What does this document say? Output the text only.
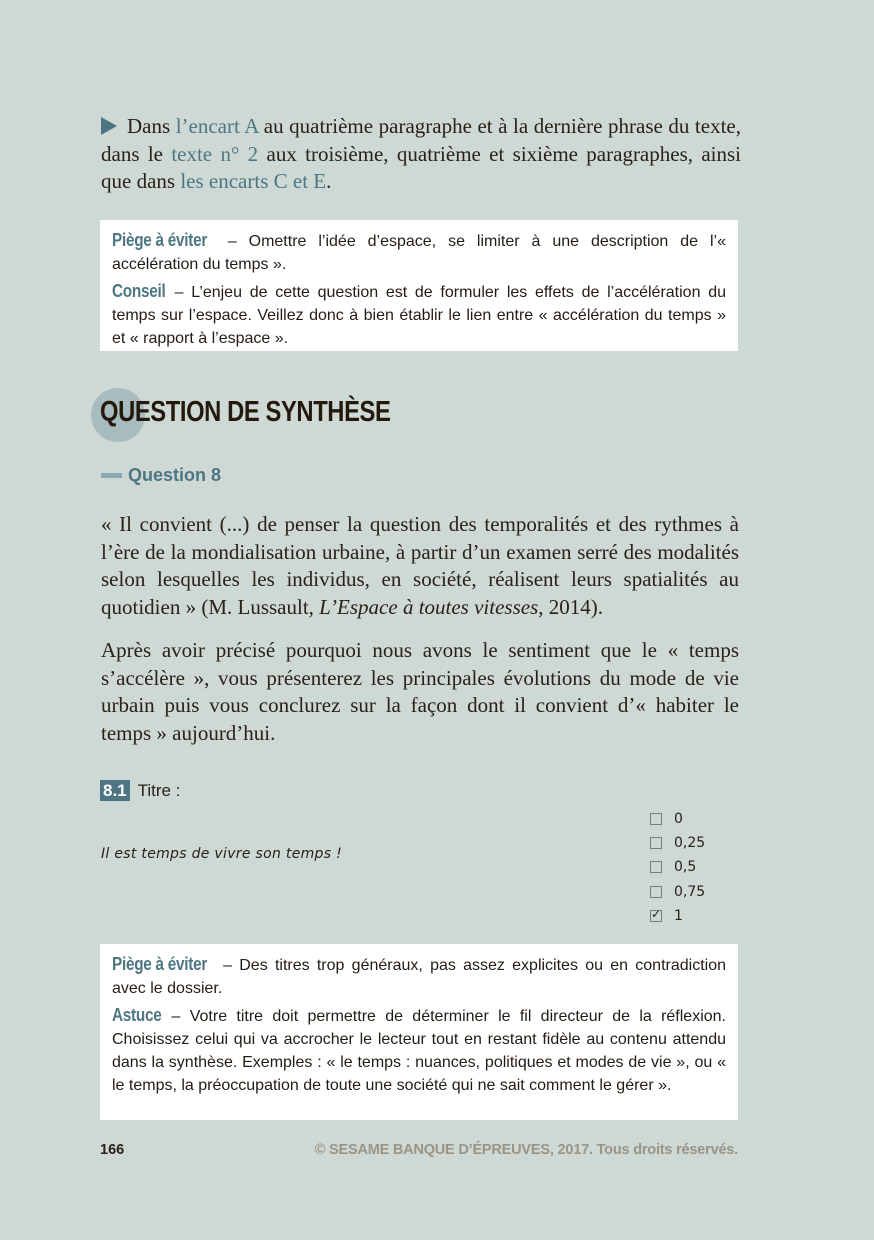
Dans l’encart A au quatrième paragraphe et à la dernière phrase du texte, dans le texte n° 2 aux troisième, quatrième et sixième paragraphes, ainsi que dans les encarts C et E.

Piège à éviter – Omettre l’idée d’espace, se limiter à une description de l’« accélération du temps ».

Conseil – L’enjeu de cette question est de formuler les effets de l’accélération du temps sur l’espace. Veillez donc à bien établir le lien entre « accélération du temps » et « rapport à l’espace ».

QUESTION DE SYNTHÈSE
Question 8

« Il convient (...) de penser la question des temporalités et des rythmes à l’ère de la mondialisation urbaine, à partir d’un examen serré des modalités selon lesquelles les individus, en société, réalisent leurs spatialités au quotidien » (M. Lussault, L’Espace à toutes vitesses, 2014).

Après avoir précisé pourquoi nous avons le sentiment que le « temps s’accélère », vous présenterez les principales évolutions du mode de vie urbain puis vous conclurez sur la façon dont il convient d’« habiter le temps » aujourd’hui.

8.1 Titre :
Il est temps de vivre son temps !
0
0,25
0,5
0,75
✓
1

Piège à éviter – Des titres trop généraux, pas assez explicites ou en contradiction avec le dossier.

Astuce – Votre titre doit permettre de déterminer le fil directeur de la réflexion. Choisissez celui qui va accrocher le lecteur tout en restant fidèle au contenu attendu dans la synthèse. Exemples : « le temps : nuances, politiques et modes de vie », ou « le temps, la préoccupation de toute une société qui ne sait comment le gérer ».

166	© SESAME BANQUE D’ÉPREUVES, 2017. Tous droits réservés.
